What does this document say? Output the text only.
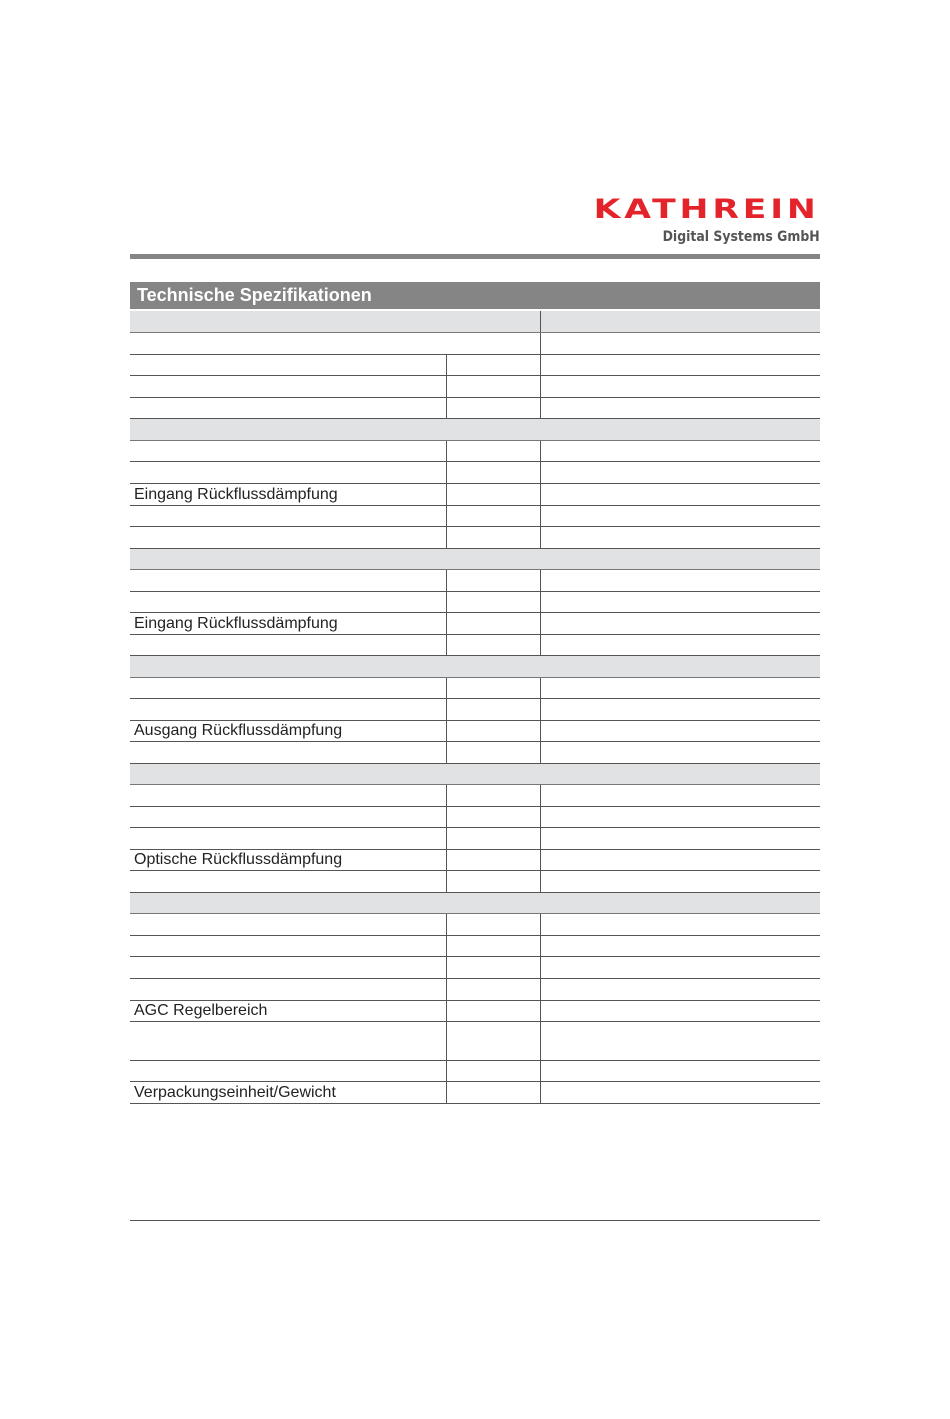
KATHREIN
Digital Systems GmbH
Technische Spezifikationen
Eingang Rückflussdämpfung
Eingang Rückflussdämpfung
Ausgang Rückflussdämpfung
Optische Rückflussdämpfung
AGC Regelbereich
Verpackungseinheit/Gewicht
